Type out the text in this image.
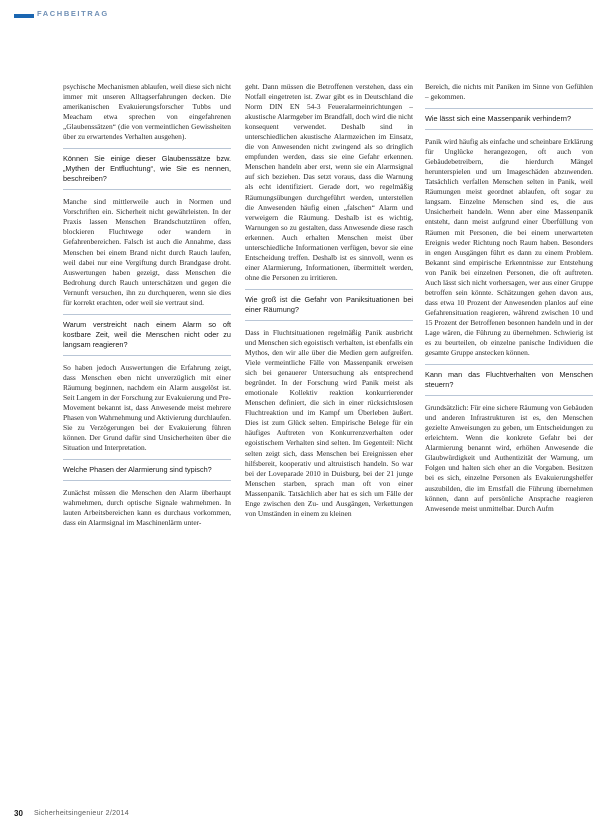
FACHBEITRAG

psychische Mechanismen ablaufen, weil diese sich nicht immer mit unseren Alltagserfahrungen decken. Die amerikanischen Evakuierungsforscher Tubbs und Meacham etwa sprechen von eingefahrenen „Glaubenssätzen“ (die von vermeintlichen Gewissheiten über zu erwartendes Verhalten ausgehen).

Können Sie einige dieser Glaubenssätze bzw. „Mythen der Entfluchtung“, wie Sie es nennen, beschreiben?

Manche sind mittlerweile auch in Normen und Vorschriften ein. Sicherheit nicht gewährleisten. In der Praxis lassen Menschen Brandschutztüren offen, blockieren Fluchtwege oder wandern in Gefahrenbereichen. Falsch ist auch die Annahme, dass Menschen bei einem Brand nicht durch Rauch laufen, weil dabei nur eine Vergiftung durch Brandgase droht. Auswertungen haben gezeigt, dass Menschen die Bedrohung durch Rauch unterschätzen und gegen die Vernunft versuchen, ihn zu durchqueren, wenn sie dies für korrekt erachten, oder weil sie vertraut sind.

Warum verstreicht nach einem Alarm so oft kostbare Zeit, weil die Menschen nicht oder zu langsam reagieren?

So haben jedoch Auswertungen die Erfahrung zeigt, dass Menschen eben nicht unverzüglich mit einer Räumung beginnen, nachdem ein Alarm ausgelöst ist. Seit Langem in der Forschung zur Evakuierung und Pre-Movement bekannt ist, dass Anwesende meist mehrere Phasen von Wahrnehmung und Aktivierung durchlaufen. Sie zu Verzögerungen bei der Evakuierung führen können. Der Grund dafür sind Unsicherheiten über die Situation und Interpretation.

Welche Phasen der Alarmierung sind typisch?

Zunächst müssen die Menschen den Alarm überhaupt wahrnehmen, durch optische Signale wahrnehmen. In lauten Arbeitsbereichen kann es durchaus vorkommen, dass ein Alarmsignal im Maschinenlärm unter-

geht. Dann müssen die Betroffenen verstehen, dass ein Notfall eingetreten ist. Zwar gibt es in Deutschland die Norm DIN EN 54-3 Feueralarmeinrichtungen – akustische Alarmgeber im Brandfall, doch wird die nicht konsequent verwendet. Deshalb sind in unterschiedlichen akustische Alarmzeichen im Einsatz, die von Anwesenden nicht zwingend als so dringlich empfunden werden, dass sie eine Gefahr erkennen. Menschen handeln aber erst, wenn sie ein Alarmsignal auf sich beziehen. Das setzt voraus, dass die Warnung als echt identifiziert. Gerade dort, wo regelmäßig Räumungsübungen durchgeführt werden, unterstellen die Anwesenden häufig einen „falschen“ Alarm und verweigern die Räumung. Deshalb ist es wichtig, Warnungen so zu gestalten, dass Anwesende diese rasch erkennen. Auch erhalten Menschen meist über unterschiedliche Informationen verfügen, bevor sie eine Entscheidung treffen. Deshalb ist es sinnvoll, wenn es einer Alarmierung, Informationen, übermittelt werden, ohne die Personen zu irritieren.

Wie groß ist die Gefahr von Paniksituationen bei einer Räumung?

Dass in Fluchtsituationen regelmäßig Panik ausbricht und Menschen sich egoistisch verhalten, ist ebenfalls ein Mythos, den wir alle über die Medien gern aufgreifen. Viele vermeintliche Fälle von Massenpanik erweisen sich bei genauerer Untersuchung als entsprechend begründet. In der Forschung wird Panik meist als emotionale Kollektiv reaktion konkurrierender Menschen definiert, die sich in einer rücksichtslosen Fluchtreaktion und im Kampf um Überleben äußert. Dies ist zum Glück selten. Empirische Belege für ein häufiges Auftreten von Konkurrenzverhalten oder egoistischem Verhalten sind selten. Im Gegenteil: Nicht selten zeigt sich, dass Menschen bei Ereignissen eher hilfsbereit, kooperativ und altruistisch handeln. So war bei der Loveparade 2010 in Duisburg, bei der 21 junge Menschen starben, sprach man oft von einer Massenpanik. Tatsächlich aber hat es sich um Fälle der Enge zwischen den Zu- und Ausgängen, Verkettungen von Umständen in einem zu kleinen

Bereich, die nichts mit Paniken im Sinne von Gefühlen – gekommen.

Wie lässt sich eine Massenpanik verhindern?

Panik wird häufig als einfache und scheinbare Erklärung für Unglücke herangezogen, oft auch von Gebäudebetreibern, die hierdurch Mängel herunterspielen und um Imageschäden abzuwenden. Tatsächlich verfallen Menschen selten in Panik, weil Räumungen meist geordnet ablaufen, oft sogar zu langsam. Einzelne Menschen sind es, die aus Unsicherheit handeln. Wenn aber eine Massenpanik entsteht, dann meist aufgrund einer Überfüllung von Räumen mit Personen, die bei einem unerwarteten Ereignis weder Richtung noch Raum haben. Besonders in engen Ausgängen führt es dann zu einem Problem. Bekannt sind empirische Erkenntnisse zur Entstehung von Panik bei einzelnen Personen, die oft auftreten. Auch lässt sich nicht vorhersagen, wer aus einer Gruppe betroffen sein könnte. Schätzungen gehen davon aus, dass etwa 10 Prozent der Anwesenden planlos auf eine Gefahrensituation reagieren, während zwischen 10 und 15 Prozent der Betroffenen besonnen handeln und in der Lage wären, die Führung zu übernehmen. Schwierig ist es zu beurteilen, ob einzelne panische Individuen die gesamte Gruppe anstecken können.

Kann man das Fluchtverhalten von Menschen steuern?

Grundsätzlich: Für eine sichere Räumung von Gebäuden und anderen Infrastrukturen ist es, den Menschen gezielte Anweisungen zu geben, um Entscheidungen zu erleichtern. Wenn die konkrete Gefahr bei der Alarmierung benannt wird, erhöhen Anwesende die Glaubwürdigkeit und Authentizität der Warnung, um Folgen und halten sich eher an die Vorgaben. Besitzen bei es sich, einzelne Personen als Evakuierungshelfer auszubilden, die im Ernstfall die Führung übernehmen können, dann auf persönliche Ansprache reagieren Anwesende meist unmittelbar. Durch Aufm

30 Sicherheitsingenieur 2/2014
